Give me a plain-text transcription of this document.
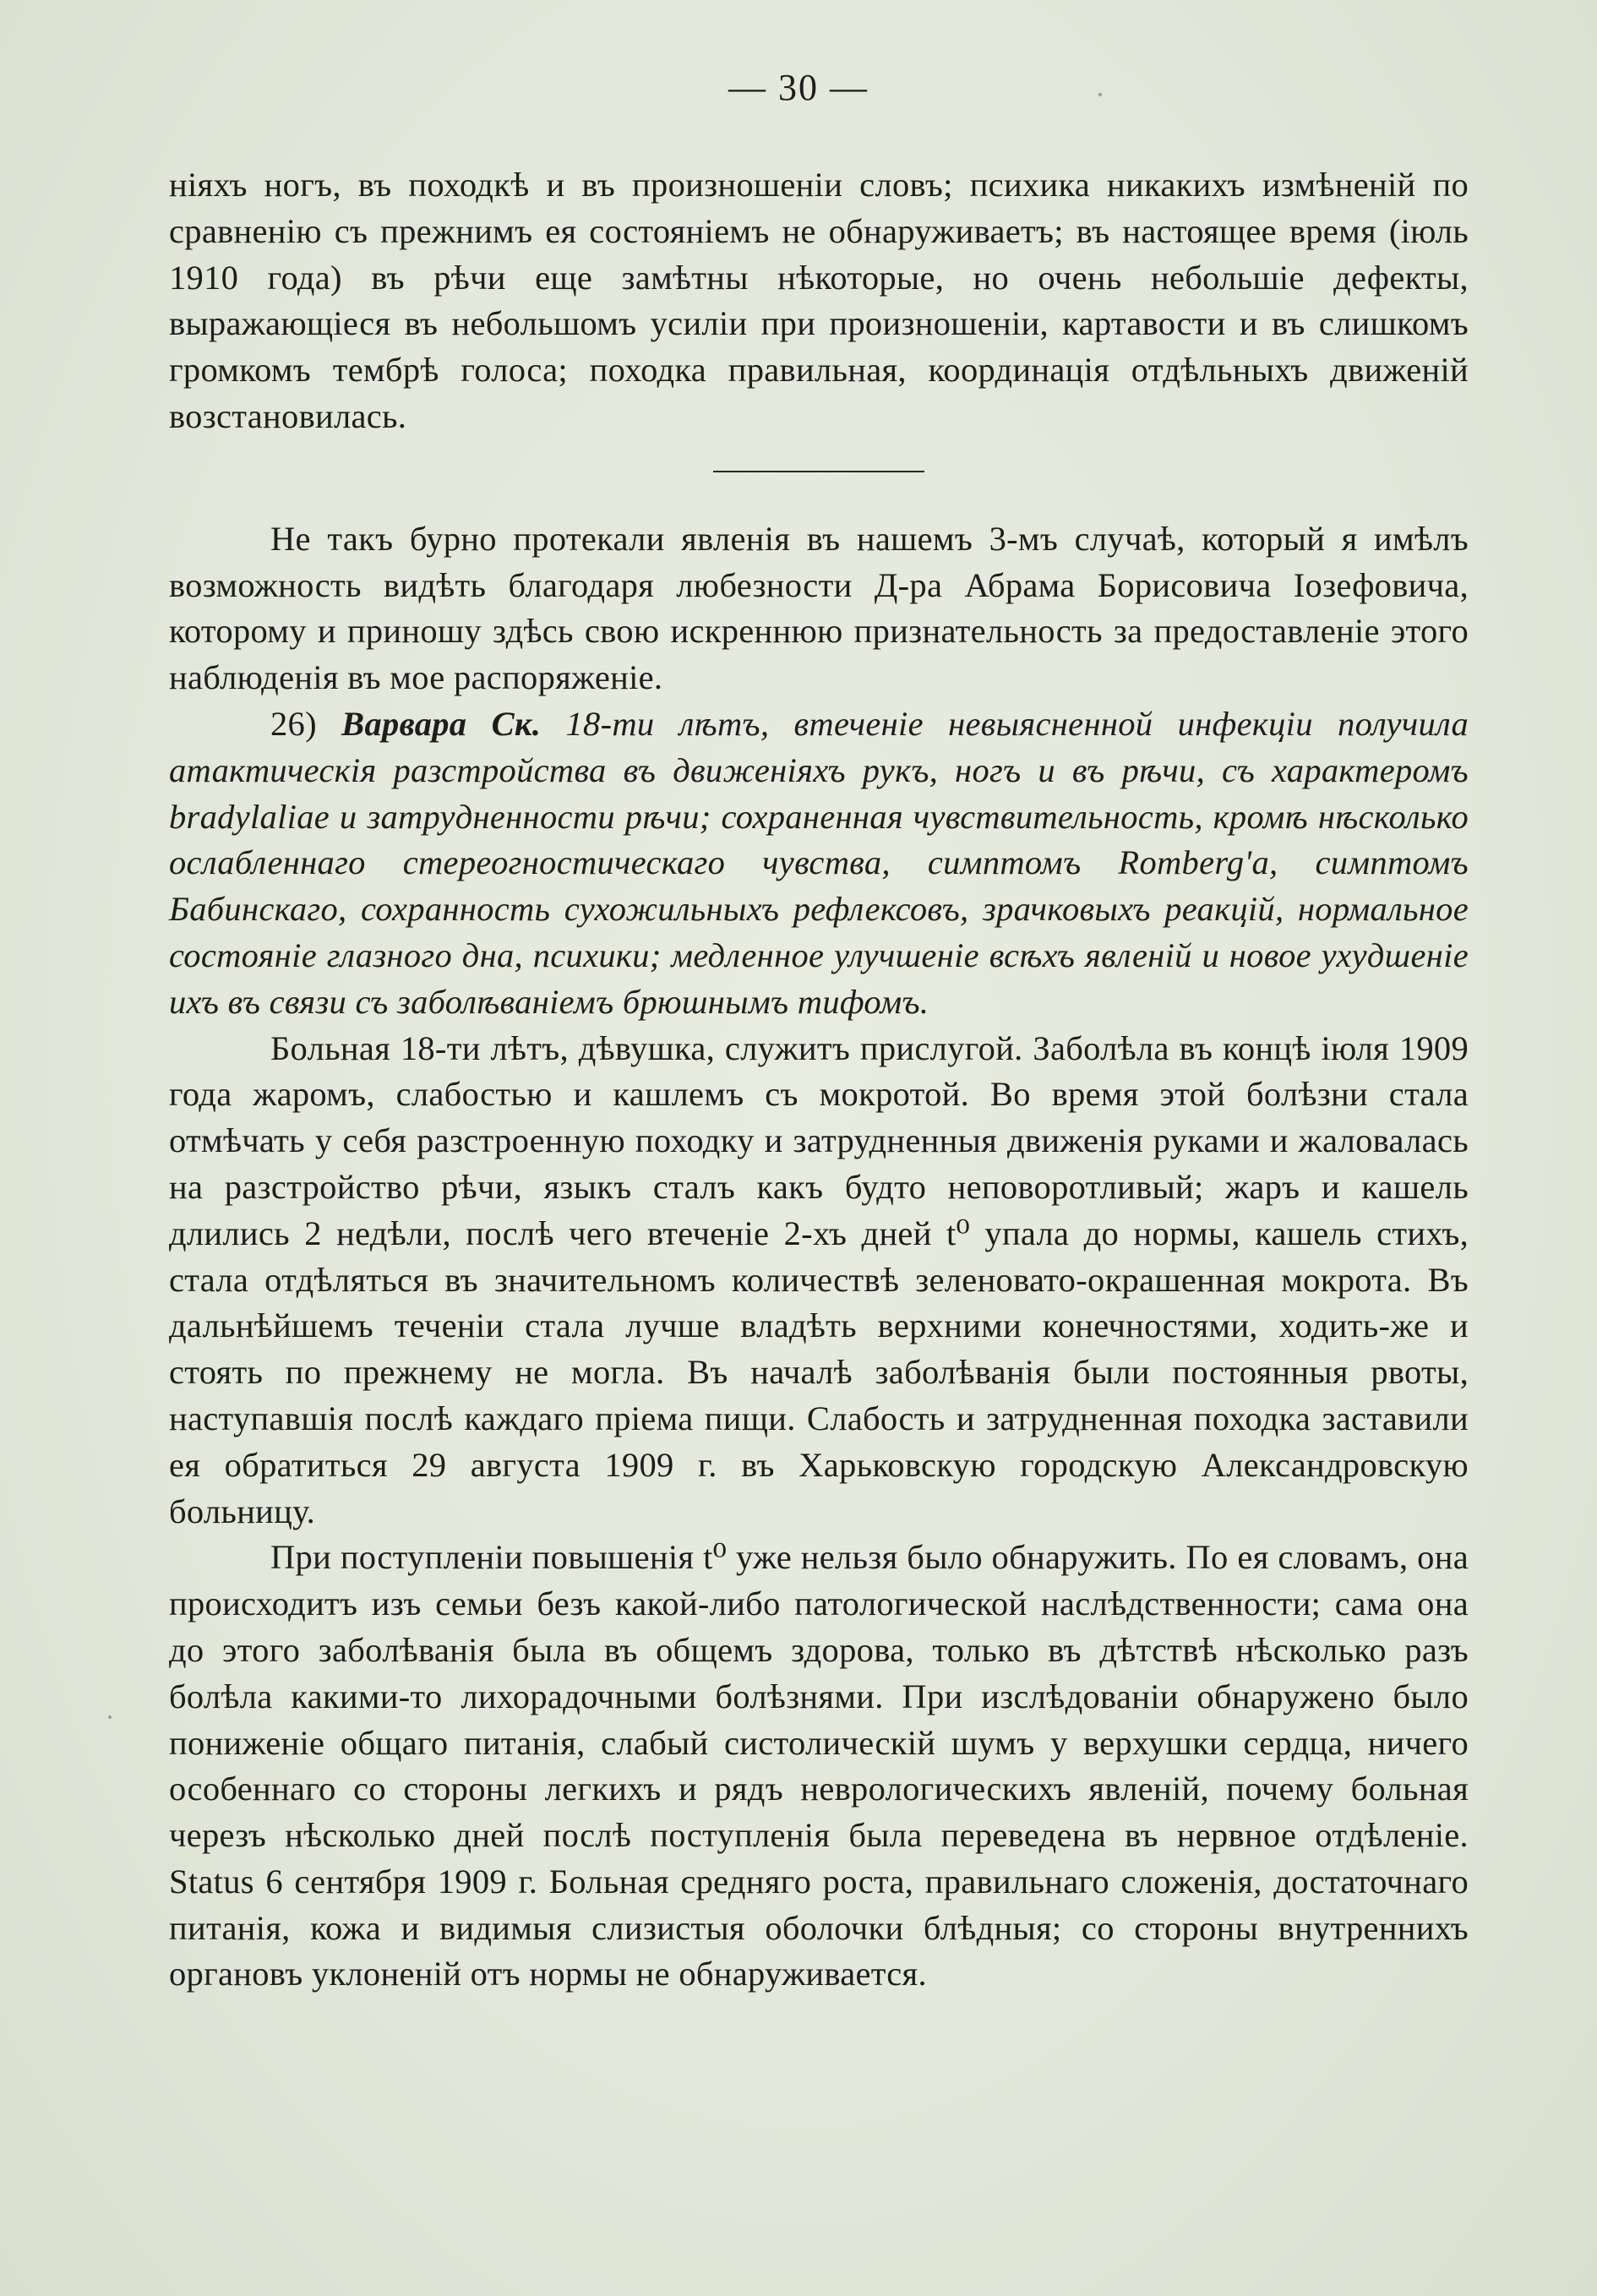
— 30 —

ніяхъ ногъ, въ походкѣ и въ произношеніи словъ; психика никакихъ измѣненій по сравненію съ прежнимъ ея состояніемъ не обнаруживаетъ; въ настоящее время (іюль 1910 года) въ рѣчи еще замѣтны нѣкоторые, но очень небольшіе дефекты, выражающіеся въ небольшомъ усиліи при произношеніи, картавости и въ слишкомъ громкомъ тембрѣ голоса; походка правильная, координація отдѣльныхъ движеній возстановилась.

Не такъ бурно протекали явленія въ нашемъ 3-мъ случаѣ, который я имѣлъ возможность видѣть благодаря любезности Д-ра Абрама Борисовича Іозефовича, которому и приношу здѣсь свою искреннюю признательность за предоставленіе этого наблюденія въ мое распоряженіе.

26) Варвара Ск. 18-ти лѣтъ, втеченіе невыясненной инфекціи получила атактическія разстройства въ движеніяхъ рукъ, ногъ и въ рѣчи, съ характеромъ bradylaliae и затрудненности рѣчи; сохраненная чувствительность, кромѣ нѣсколько ослабленнаго стереогностическаго чувства, симптомъ Romberg'а, симптомъ Бабинскаго, сохранность сухожильныхъ рефлексовъ, зрачковыхъ реакцій, нормальное состояніе глазного дна, психики; медленное улучшеніе всѣхъ явленій и новое ухудшеніе ихъ въ связи съ заболѣваніемъ брюшнымъ тифомъ.

Больная 18-ти лѣтъ, дѣвушка, служитъ прислугой. Заболѣла въ концѣ іюля 1909 года жаромъ, слабостью и кашлемъ съ мокротой. Во время этой болѣзни стала отмѣчать у себя разстроенную походку и затрудненныя движенія руками и жаловалась на разстройство рѣчи, языкъ сталъ какъ будто неповоротливый; жаръ и кашель длились 2 недѣли, послѣ чего втеченіе 2-хъ дней t⁰ упала до нормы, кашель стихъ, стала отдѣляться въ значительномъ количествѣ зеленовато-окрашенная мокрота. Въ дальнѣйшемъ теченіи стала лучше владѣть верхними конечностями, ходить-же и стоять по прежнему не могла. Въ началѣ заболѣванія были постоянныя рвоты, наступавшія послѣ каждаго пріема пищи. Слабость и затрудненная походка заставили ея обратиться 29 августа 1909 г. въ Харьковскую городскую Александровскую больницу.

При поступленіи повышенія t⁰ уже нельзя было обнаружить. По ея словамъ, она происходитъ изъ семьи безъ какой-либо патологической наслѣдственности; сама она до этого заболѣванія была въ общемъ здорова, только въ дѣтствѣ нѣсколько разъ болѣла какими-то лихорадочными болѣзнями. При изслѣдованіи обнаружено было пониженіе общаго питанія, слабый систолическій шумъ у верхушки сердца, ничего особеннаго со стороны легкихъ и рядъ неврологическихъ явленій, почему больная черезъ нѣсколько дней послѣ поступленія была переведена въ нервное отдѣленіе. Status 6 сентября 1909 г. Больная средняго роста, правильнаго сложенія, достаточнаго питанія, кожа и видимыя слизистыя оболочки блѣдныя; со стороны внутреннихъ органовъ уклоненій отъ нормы не обнаруживается.
